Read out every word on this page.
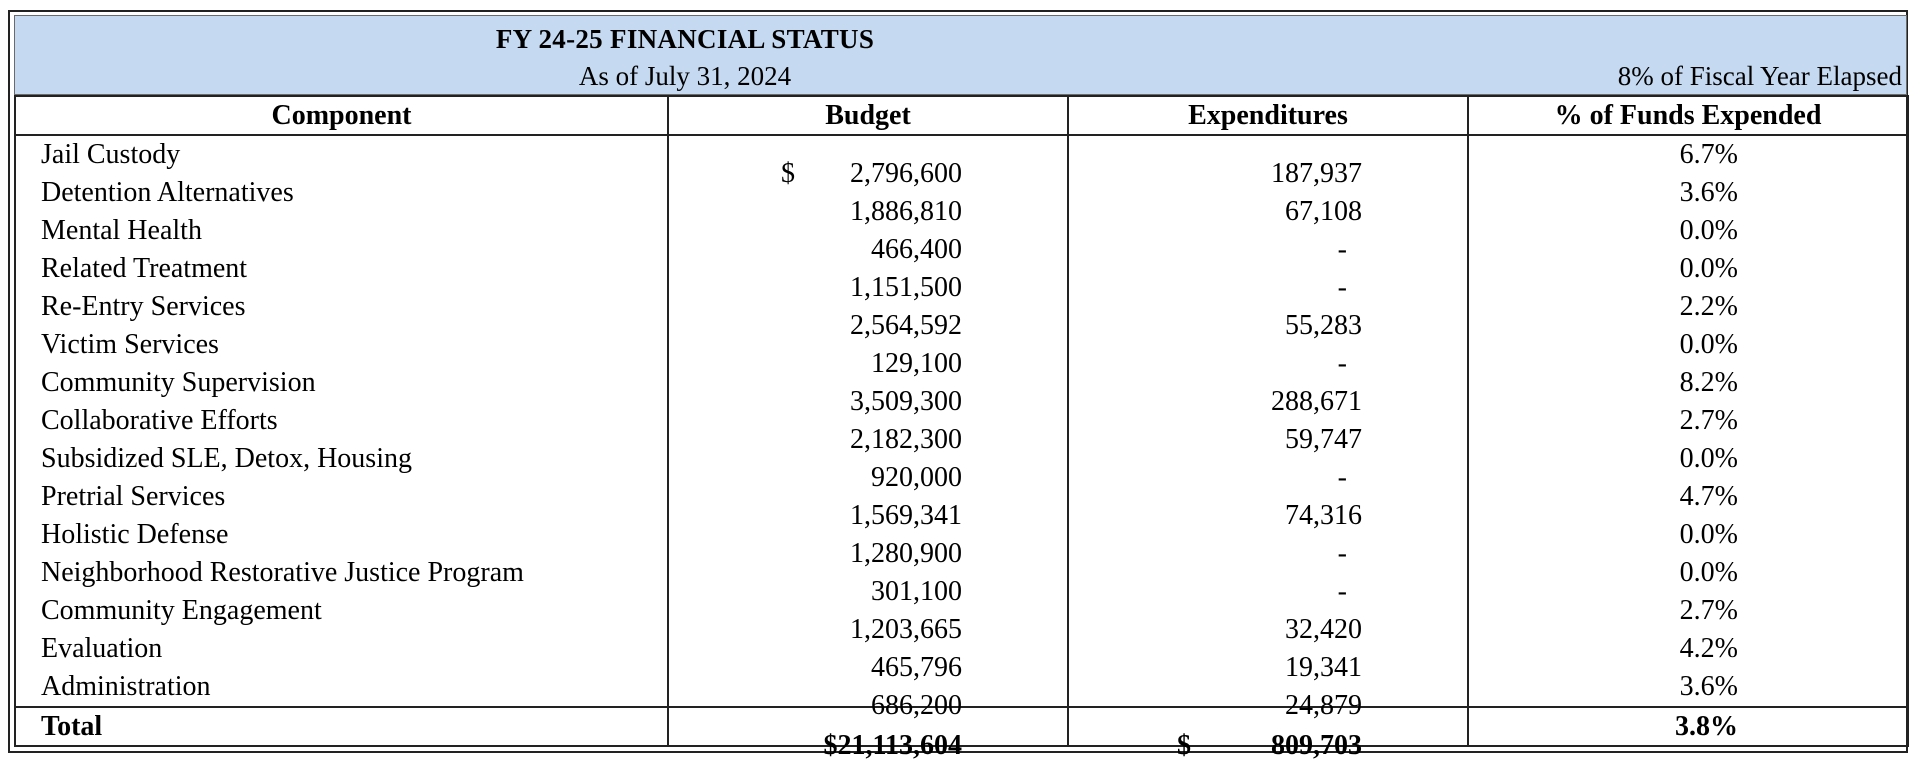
FY 24-25 FINANCIAL STATUS
As of July 31, 2024	8% of Fiscal Year Elapsed
Component	Budget	Expenditures	% of Funds Expended
Jail Custody	$ 2,796,600	187,937	6.7%
Detention Alternatives	1,886,810	67,108	3.6%
Mental Health	466,400	-	0.0%
Related Treatment	1,151,500	-	0.0%
Re-Entry Services	2,564,592	55,283	2.2%
Victim Services	129,100	-	0.0%
Community Supervision	3,509,300	288,671	8.2%
Collaborative Efforts	2,182,300	59,747	2.7%
Subsidized SLE, Detox, Housing	920,000	-	0.0%
Pretrial Services	1,569,341	74,316	4.7%
Holistic Defense	1,280,900	-	0.0%
Neighborhood Restorative Justice Program	301,100	-	0.0%
Community Engagement	1,203,665	32,420	2.7%
Evaluation	465,796	19,341	4.2%
Administration	686,200	24,879	3.6%
Total	$21,113,604	$ 809,703	3.8%
